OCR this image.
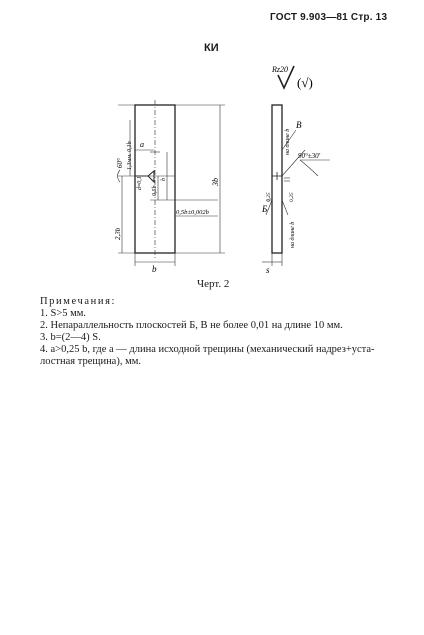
ГОСТ 9.903—81 Стр. 13
КИ
Rz20
(√)
В
Б
90°±30'
a
b	s
0,5b±0,002b
d≈0,1
60° 1,3мм. 0,1b
2,3b
3b
b
0,5b
на длине b
на длине b
0,25	0,25
Черт. 2

Примечания:

1. S>5 мм.

2. Непараллельность плоскостей Б, В не более 0,01 на длине 10 мм.

3. b=(2—4) S.

4. a>0,25 b, где a — длина исходной трещины (механический надрез+уста-

лостная трещина), мм.
